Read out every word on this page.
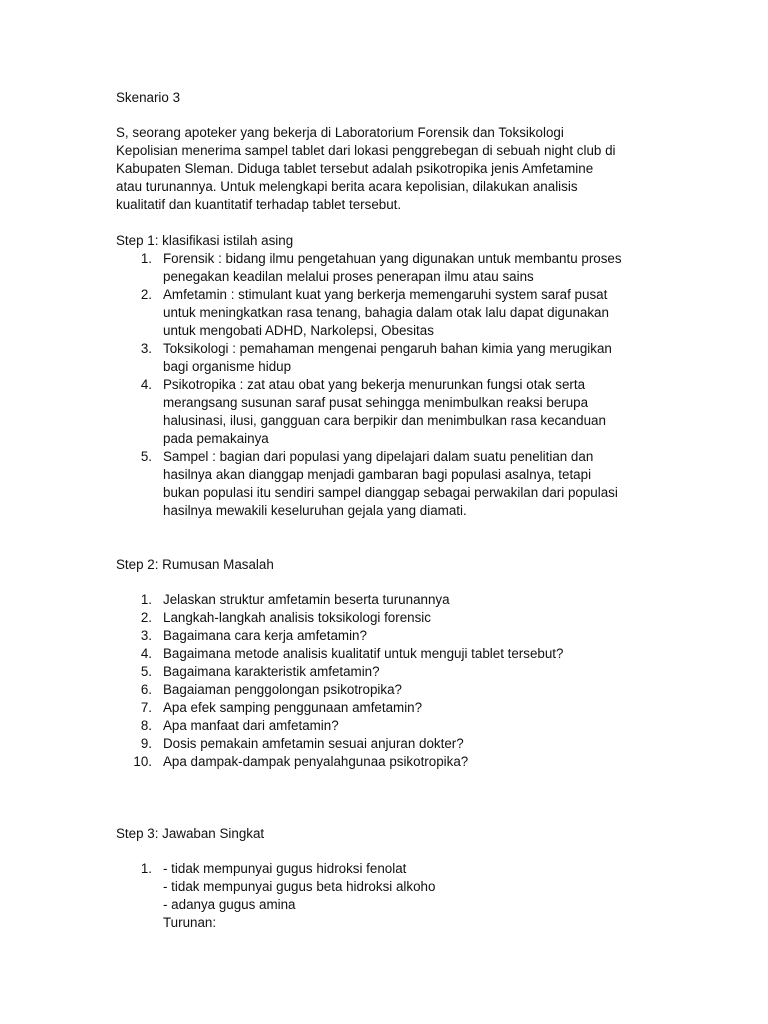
Skenario 3

S, seorang apoteker yang bekerja di Laboratorium Forensik dan Toksikologi
Kepolisian menerima sampel tablet dari lokasi penggrebegan di sebuah night club di
Kabupaten Sleman. Diduga tablet tersebut adalah psikotropika jenis Amfetamine
atau turunannya. Untuk melengkapi berita acara kepolisian, dilakukan analisis
kualitatif dan kuantitatif terhadap tablet tersebut.

Step 1: klasifikasi istilah asing

1. Forensik : bidang ilmu pengetahuan yang digunakan untuk membantu proses
penegakan keadilan melalui proses penerapan ilmu atau sains
2. Amfetamin : stimulant kuat yang berkerja memengaruhi system saraf pusat
untuk meningkatkan rasa tenang, bahagia dalam otak lalu dapat digunakan
untuk mengobati ADHD, Narkolepsi, Obesitas
3. Toksikologi : pemahaman mengenai pengaruh bahan kimia yang merugikan
bagi organisme hidup
4. Psikotropika : zat atau obat yang bekerja menurunkan fungsi otak serta
merangsang susunan saraf pusat sehingga menimbulkan reaksi berupa
halusinasi, ilusi, gangguan cara berpikir dan menimbulkan rasa kecanduan
pada pemakainya
5. Sampel : bagian dari populasi yang dipelajari dalam suatu penelitian dan
hasilnya akan dianggap menjadi gambaran bagi populasi asalnya, tetapi
bukan populasi itu sendiri sampel dianggap sebagai perwakilan dari populasi
hasilnya mewakili keseluruhan gejala yang diamati.

Step 2: Rumusan Masalah

1. Jelaskan struktur amfetamin beserta turunannya
2. Langkah-langkah analisis toksikologi forensic
3. Bagaimana cara kerja amfetamin?
4. Bagaimana metode analisis kualitatif untuk menguji tablet tersebut?
5. Bagaimana karakteristik amfetamin?
6. Bagaiaman penggolongan psikotropika?
7. Apa efek samping penggunaan amfetamin?
8. Apa manfaat dari amfetamin?
9. Dosis pemakain amfetamin sesuai anjuran dokter?
10. Apa dampak-dampak penyalahgunaa psikotropika?

Step 3: Jawaban Singkat

1. - tidak mempunyai gugus hidroksi fenolat
- tidak mempunyai gugus beta hidroksi alkoho
- adanya gugus amina
Turunan:
